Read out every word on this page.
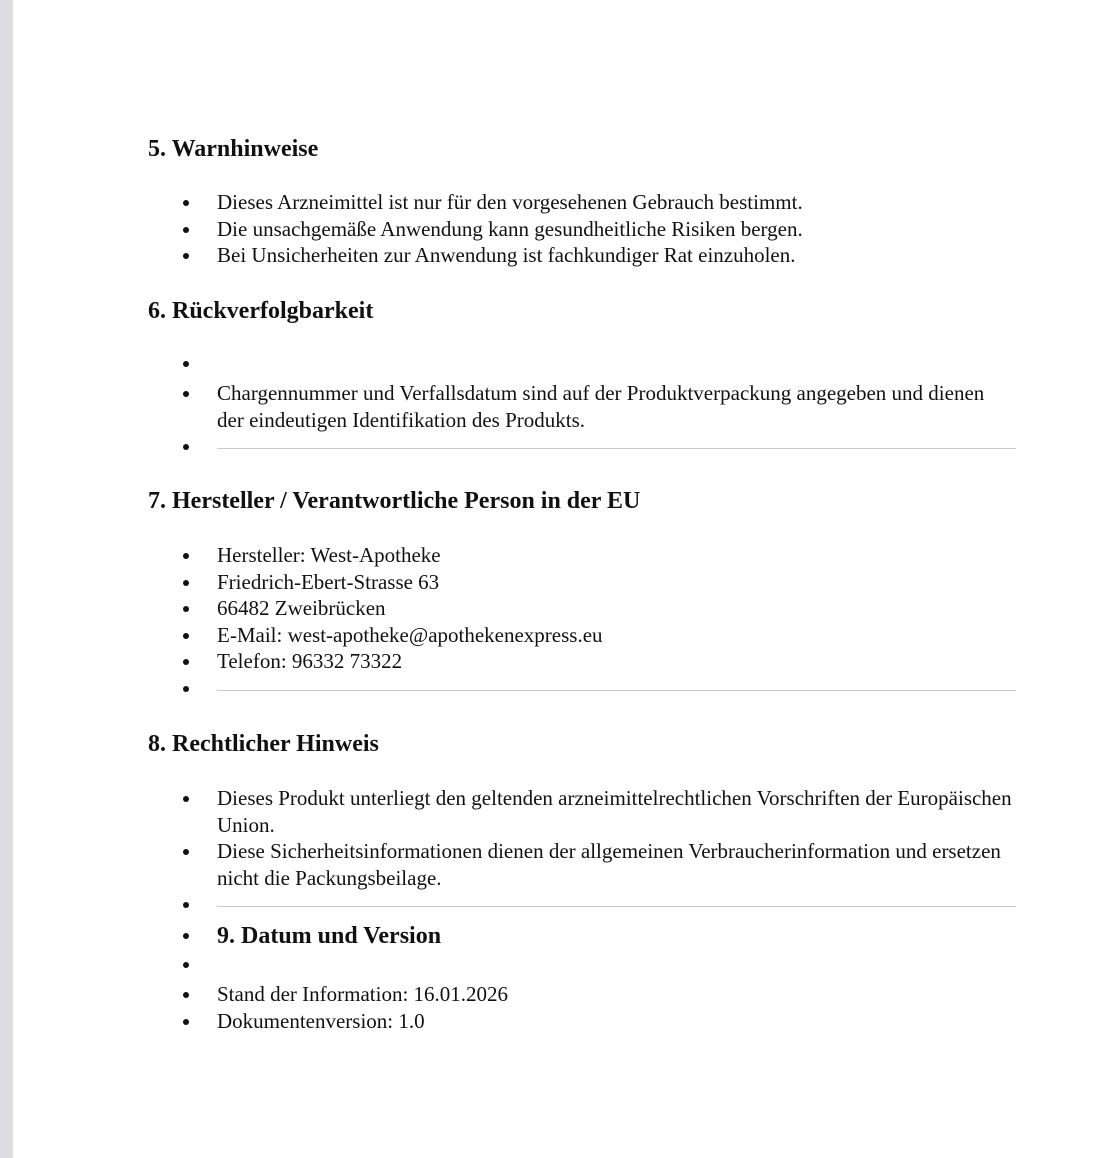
5. Warnhinweise
Dieses Arzneimittel ist nur für den vorgesehenen Gebrauch bestimmt.
Die unsachgemäße Anwendung kann gesundheitliche Risiken bergen.
Bei Unsicherheiten zur Anwendung ist fachkundiger Rat einzuholen.
6. Rückverfolgbarkeit
Chargennummer und Verfallsdatum sind auf der Produktverpackung angegeben und dienen der eindeutigen Identifikation des Produkts.
7. Hersteller / Verantwortliche Person in der EU
Hersteller: West-Apotheke
Friedrich-Ebert-Strasse 63
66482 Zweibrücken
E-Mail: west-apotheke@apothekenexpress.eu
Telefon: 96332 73322
8. Rechtlicher Hinweis
Dieses Produkt unterliegt den geltenden arzneimittelrechtlichen Vorschriften der Europäischen Union.
Diese Sicherheitsinformationen dienen der allgemeinen Verbraucherinformation und ersetzen nicht die Packungsbeilage.
9. Datum und Version
Stand der Information: 16.01.2026
Dokumentenversion: 1.0
